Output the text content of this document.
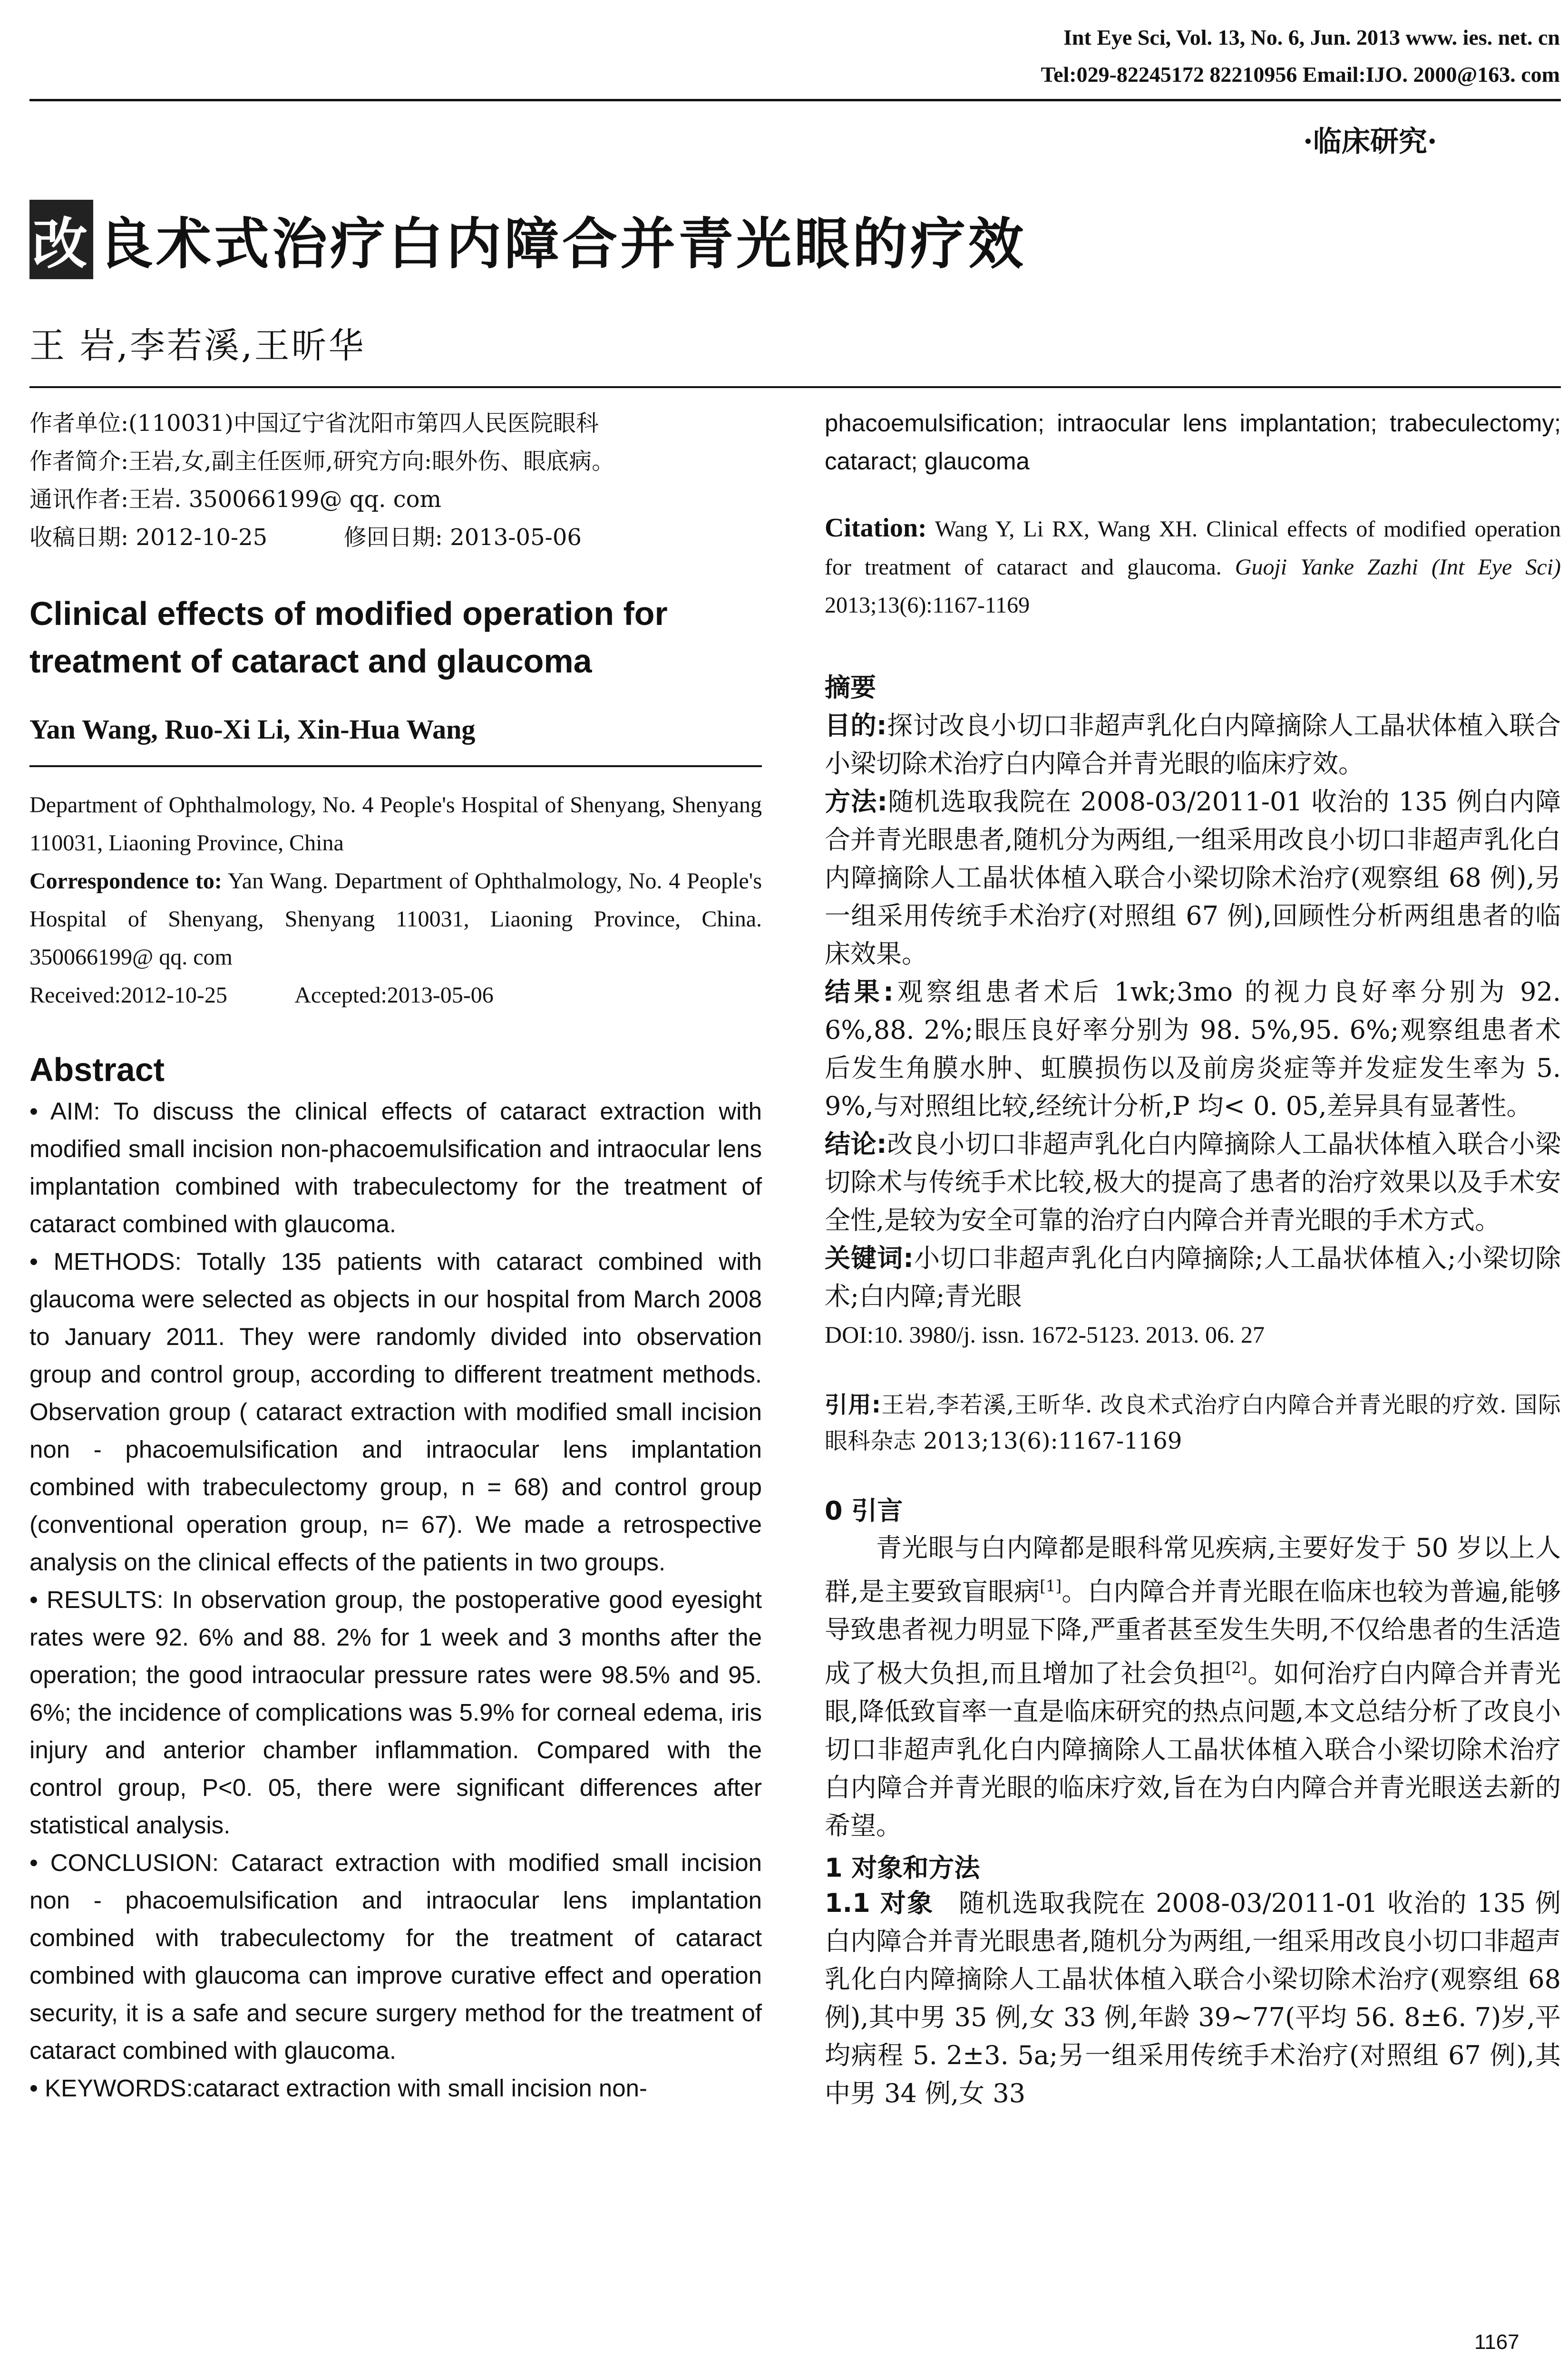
Int Eye Sci, Vol. 13, No. 6, Jun. 2013 www. ies. net. cn
Tel:029-82245172 82210956 Email:IJO. 2000@163. com
·临床研究·
改 良术式治疗白内障合并青光眼的疗效
王 岩,李若溪,王昕华
作者单位:(110031)中国辽宁省沈阳市第四人民医院眼科
作者简介:王岩,女,副主任医师,研究方向:眼外伤、眼底病。
通讯作者:王岩. 350066199@ qq. com
收稿日期: 2012-10-25	修回日期: 2013-05-06
Clinical effects of modified operation for treatment of cataract and glaucoma
Yan Wang, Ruo-Xi Li, Xin-Hua Wang
Department of Ophthalmology, No. 4 People's Hospital of Shenyang, Shenyang 110031, Liaoning Province, China
Correspondence to: Yan Wang. Department of Ophthalmology, No. 4 People's Hospital of Shenyang, Shenyang 110031, Liaoning Province, China. 350066199@ qq. com
Received:2012-10-25	Accepted:2013-05-06
Abstract

• AIM: To discuss the clinical effects of cataract extraction with modified small incision non-phacoemulsification and intraocular lens implantation combined with trabeculectomy for the treatment of cataract combined with glaucoma.

• METHODS: Totally 135 patients with cataract combined with glaucoma were selected as objects in our hospital from March 2008 to January 2011. They were randomly divided into observation group and control group, according to different treatment methods. Observation group ( cataract extraction with modified small incision non - phacoemulsification and intraocular lens implantation combined with trabeculectomy group, n = 68) and control group (conventional operation group, n= 67). We made a retrospective analysis on the clinical effects of the patients in two groups.

• RESULTS: In observation group, the postoperative good eyesight rates were 92. 6% and 88. 2% for 1 week and 3 months after the operation; the good intraocular pressure rates were 98.5% and 95. 6%; the incidence of complications was 5.9% for corneal edema, iris injury and anterior chamber inflammation. Compared with the control group, P<0. 05, there were significant differences after statistical analysis.

• CONCLUSION: Cataract extraction with modified small incision non - phacoemulsification and intraocular lens implantation combined with trabeculectomy for the treatment of cataract combined with glaucoma can improve curative effect and operation security, it is a safe and secure surgery method for the treatment of cataract combined with glaucoma.

• KEYWORDS:cataract extraction with small incision non-

phacoemulsification; intraocular lens implantation; trabeculectomy; cataract; glaucoma
Citation: Wang Y, Li RX, Wang XH. Clinical effects of modified operation for treatment of cataract and glaucoma. Guoji Yanke Zazhi (Int Eye Sci) 2013;13(6):1167-1169
摘要

目的:探讨改良小切口非超声乳化白内障摘除人工晶状体植入联合小梁切除术治疗白内障合并青光眼的临床疗效。

方法:随机选取我院在 2008-03/2011-01 收治的 135 例白内障合并青光眼患者,随机分为两组,一组采用改良小切口非超声乳化白内障摘除人工晶状体植入联合小梁切除术治疗(观察组 68 例),另一组采用传统手术治疗(对照组 67 例),回顾性分析两组患者的临床效果。

结果:观察组患者术后 1wk;3mo 的视力良好率分别为 92. 6%,88. 2%;眼压良好率分别为 98. 5%,95. 6%;观察组患者术后发生角膜水肿、虹膜损伤以及前房炎症等并发症发生率为 5. 9%,与对照组比较,经统计分析,P 均< 0. 05,差异具有显著性。

结论:改良小切口非超声乳化白内障摘除人工晶状体植入联合小梁切除术与传统手术比较,极大的提高了患者的治疗效果以及手术安全性,是较为安全可靠的治疗白内障合并青光眼的手术方式。

关键词:小切口非超声乳化白内障摘除;人工晶状体植入;小梁切除术;白内障;青光眼

DOI:10. 3980/j. issn. 1672-5123. 2013. 06. 27

引用:王岩,李若溪,王昕华. 改良术式治疗白内障合并青光眼的疗效. 国际眼科杂志 2013;13(6):1167-1169
0 引言
青光眼与白内障都是眼科常见疾病,主要好发于 50 岁以上人群,是主要致盲眼病[1]。白内障合并青光眼在临床也较为普遍,能够导致患者视力明显下降,严重者甚至发生失明,不仅给患者的生活造成了极大负担,而且增加了社会负担[2]。如何治疗白内障合并青光眼,降低致盲率一直是临床研究的热点问题,本文总结分析了改良小切口非超声乳化白内障摘除人工晶状体植入联合小梁切除术治疗白内障合并青光眼的临床疗效,旨在为白内障合并青光眼送去新的希望。
1 对象和方法
1.1 对象 随机选取我院在 2008-03/2011-01 收治的 135 例白内障合并青光眼患者,随机分为两组,一组采用改良小切口非超声乳化白内障摘除人工晶状体植入联合小梁切除术治疗(观察组 68 例),其中男 35 例,女 33 例,年龄 39~77(平均 56. 8±6. 7)岁,平均病程 5. 2±3. 5a;另一组采用传统手术治疗(对照组 67 例),其中男 34 例,女 33
1167
